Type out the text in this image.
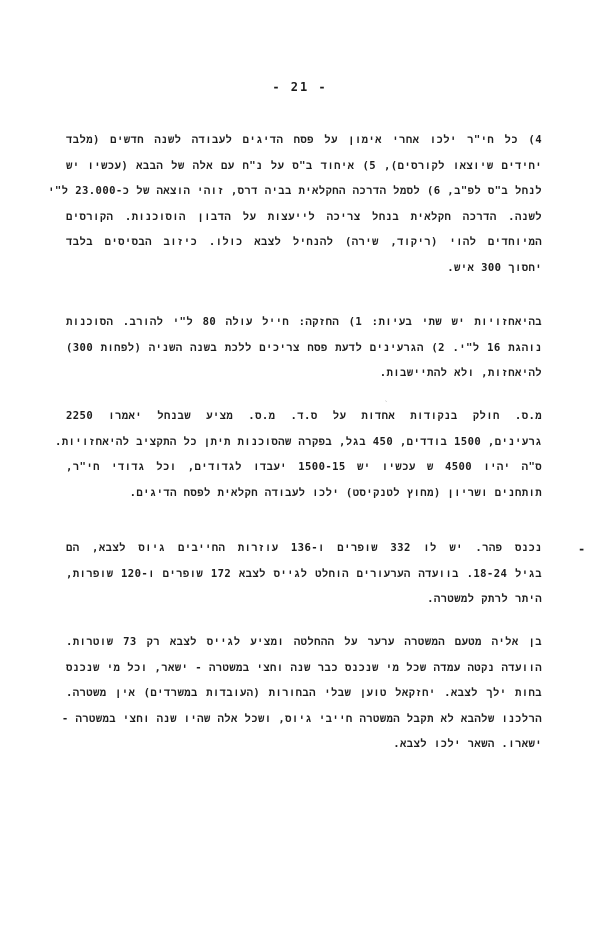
- 21 -
4) כל חי"ר ילכו אחרי אימון על פסח הדיגים לעבודה לשנה חדשים (מלבד
יחידים שיוצאו לקורסים), 5) איחוד ב"ס על נ"ח עם אלה של הבבא (עכשיו יש
לנחל ב"ס לפ"ב, 6) לסמל הדרכה החקלאית בביה דרס, זוהי הוצאה של כ-23.000 ל"י
לשנה. הדרכה חקלאית בנחל צריכה לייעצות על הדבון הוסוכנות. הקורסים
המיוחדים להוי (ריקוד, שירה) להנחיל לצבא כולו. כיזוב הבסיסים בלבד
יחסוך 300 איש.
בהיאחזויות יש שתי בעיות: 1) החזקה: חייל עולה 80 ל"י להורב. הסוכנות
נוהגת 16 ל"י. 2) הגרעינים לדעת פסח צריכים ללכת בשנה השניה (לפחות 300)
להיאחזות, ולא להתיישבות.
מ.ס. חולק בנקודות אחדות על ס.ד. מ.ס. מציע שבנחל יאמרו 2250
גרעינים, 1500 בודדים, 450 בגל, בפקרה שהסוכנות תיתן כל התקציב להיאחזויות.
ס"ה יהיו 4500 ש עכשיו יש 1500-15 יעבדו לגדודים, וכל גדודי חי"ר,
תותחנים ושריון (מחוץ לטנקיסט) ילכו לעבודה חקלאית לפסח הדיגים.
נכנס פהר. יש לו 332 שופרים ו-136 עוזרות החייבים גיוס לצבא, הם
בגיל 18-24. בוועדה הערעורים הוחלט לגייס לצבא 172 שופרים ו-120 שופרות,
היתר לרתק למשטרה.
-
בן אליה מטעם המשטרה ערער על ההחלטה ומציע לגייס לצבא רק 73 שוטרות.
הוועדה נקטה עמדה שכל מי שנכנס כבר שנה וחצי במשטרה - ישאר, וכל מי שנכנס
בחות ילך לצבא. יחזקאל טוען שבלי הבחורות (העובדות במשרדים) אין משטרה.
הרלכנו שלהבא לא תקבל המשטרה חייבי גיוס, ושכל אלה שהיו שנה וחצי במשטרה -
ישארו. השאר ילכו לצבא.
`
